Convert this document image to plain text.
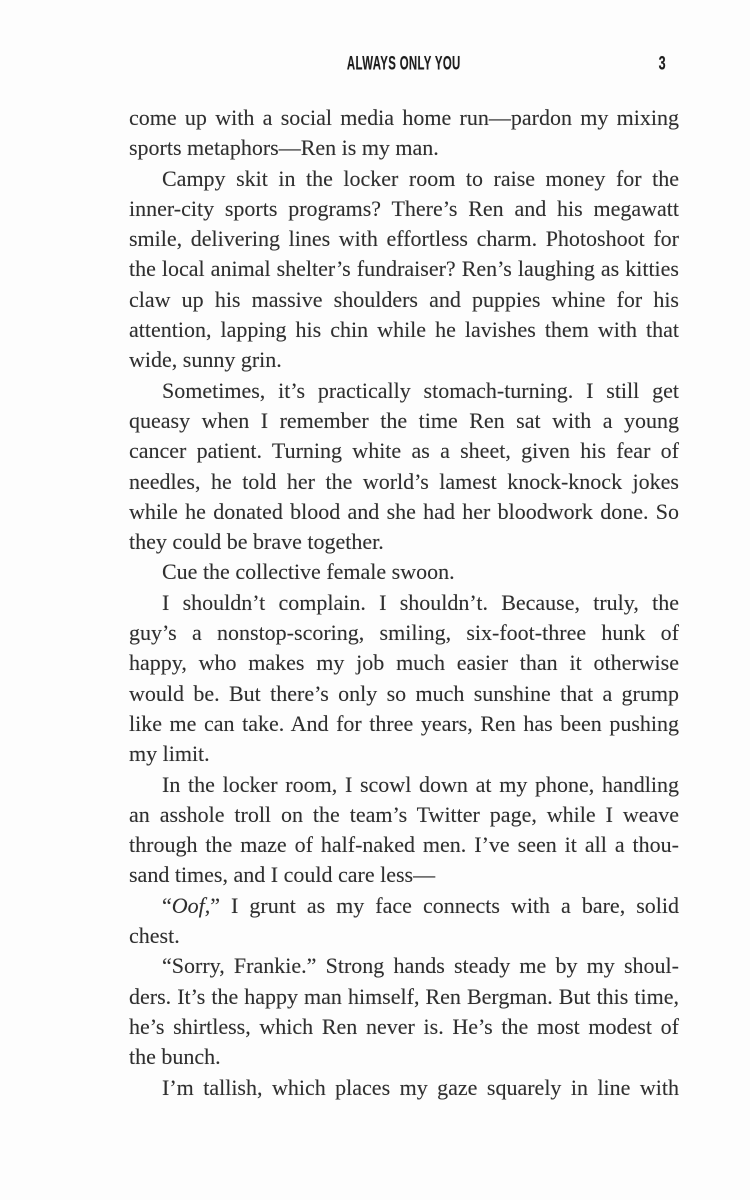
ALWAYS ONLY YOU	3
come up with a social media home run—pardon my mixing
sports metaphors—Ren is my man.
Campy skit in the locker room to raise money for the
inner-city sports programs? There’s Ren and his megawatt
smile, delivering lines with effortless charm. Photoshoot for
the local animal shelter’s fundraiser? Ren’s laughing as kitties
claw up his massive shoulders and puppies whine for his
attention, lapping his chin while he lavishes them with that
wide, sunny grin.
Sometimes, it’s practically stomach-turning. I still get
queasy when I remember the time Ren sat with a young
cancer patient. Turning white as a sheet, given his fear of
needles, he told her the world’s lamest knock-knock jokes
while he donated blood and she had her bloodwork done. So
they could be brave together.
Cue the collective female swoon.
I shouldn’t complain. I shouldn’t. Because, truly, the
guy’s a nonstop-scoring, smiling, six-foot-three hunk of
happy, who makes my job much easier than it otherwise
would be. But there’s only so much sunshine that a grump
like me can take. And for three years, Ren has been pushing
my limit.
In the locker room, I scowl down at my phone, handling
an asshole troll on the team’s Twitter page, while I weave
through the maze of half-naked men. I’ve seen it all a thou-
sand times, and I could care less—
“Oof,” I grunt as my face connects with a bare, solid
chest.
“Sorry, Frankie.” Strong hands steady me by my shoul-
ders. It’s the happy man himself, Ren Bergman. But this time,
he’s shirtless, which Ren never is. He’s the most modest of
the bunch.
I’m tallish, which places my gaze squarely in line with
